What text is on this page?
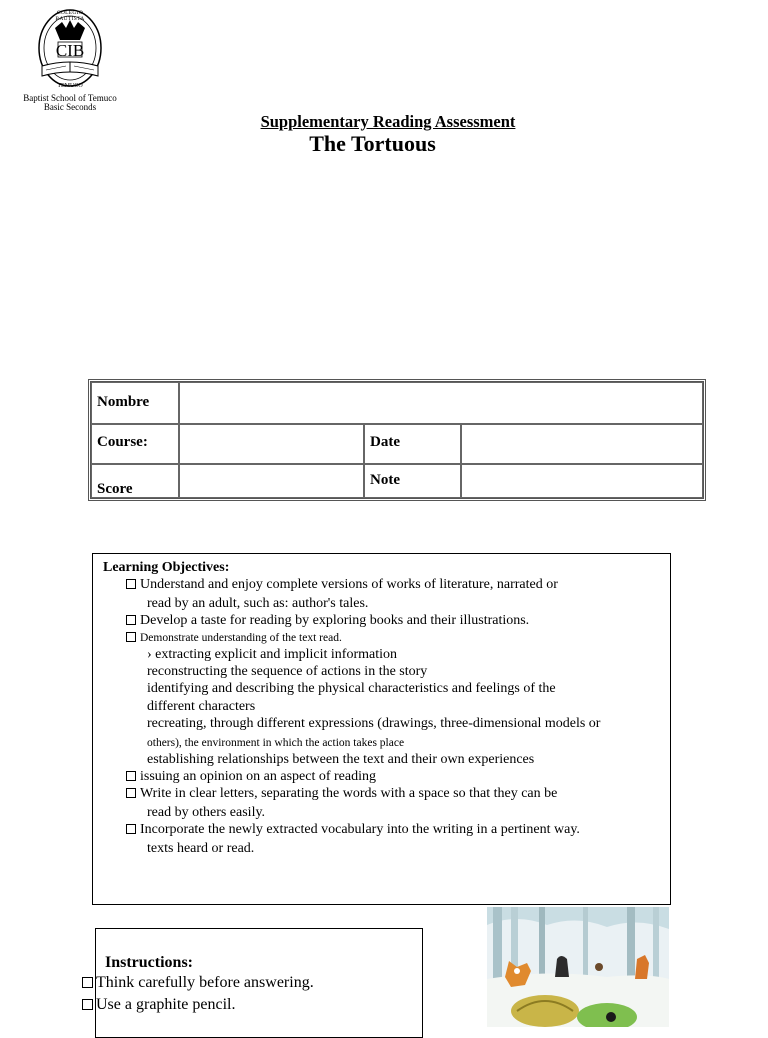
COLEGIO BAUTISTA
CIB
TEMUCO
Baptist School of Temuco
Basic Seconds
Supplementary Reading Assessment
The Tortuous
Nombre
Course:	Date
Score
Note
Learning Objectives:
Understand and enjoy complete versions of works of literature, narrated or
read by an adult, such as: author's tales.
Develop a taste for reading by exploring books and their illustrations.
Demonstrate understanding of the text read.
› extracting explicit and implicit information
reconstructing the sequence of actions in the story
identifying and describing the physical characteristics and feelings of the
different characters
recreating, through different expressions (drawings, three-dimensional models or
others), the environment in which the action takes place
establishing relationships between the text and their own experiences
issuing an opinion on an aspect of reading
Write in clear letters, separating the words with a space so that they can be
read by others easily.
Incorporate the newly extracted vocabulary into the writing in a pertinent way.
texts heard or read.
Instructions:
Think carefully before answering.
Use a graphite pencil.
